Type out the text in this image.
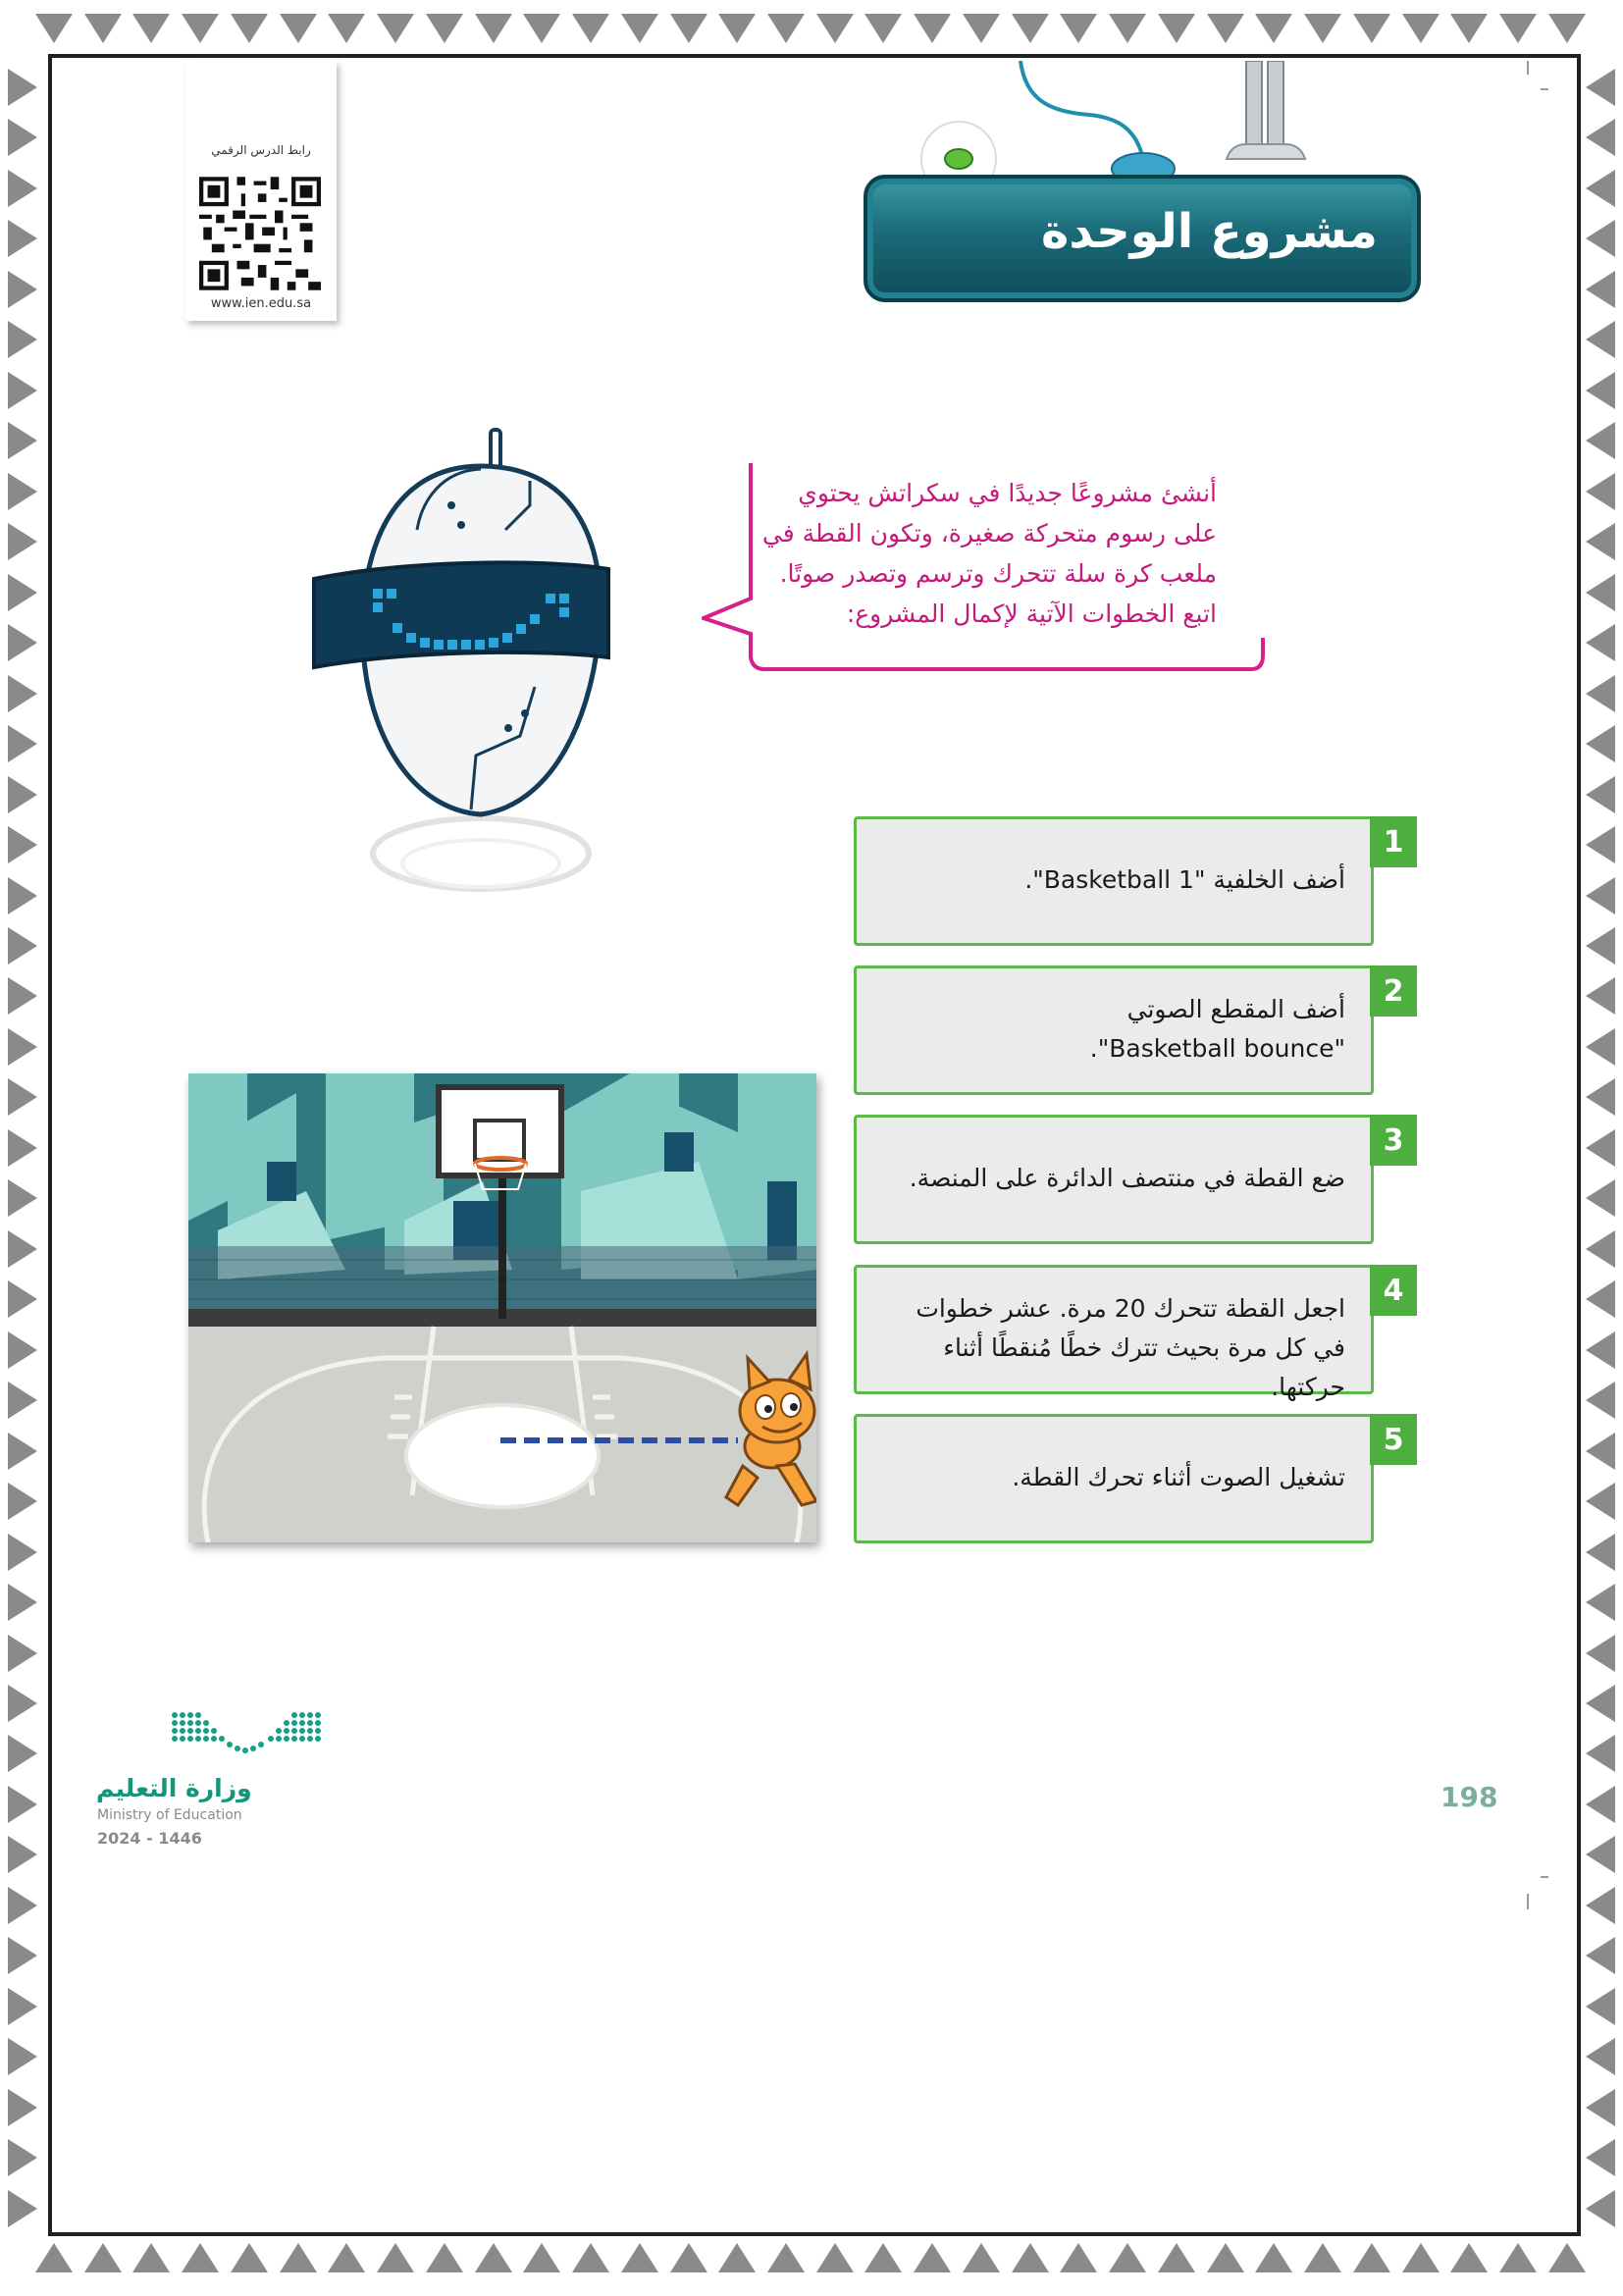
رابط الدرس الرقمي
www.ien.edu.sa
مشروع الوحدة
أنشئ مشروعًا جديدًا في سكراتش يحتوي على رسوم متحركة صغيرة، وتكون القطة في ملعب كرة سلة تتحرك وترسم وتصدر صوتًا. اتبع الخطوات الآتية لإكمال المشروع:
أضف الخلفية "Basketball 1".
1
أضف المقطع الصوتي "Basketball bounce".
2
ضع القطة في منتصف الدائرة على المنصة.
3
اجعل القطة تتحرك 20 مرة. عشر خطوات في كل مرة بحيث تترك خطًا مُنقطًا أثناء حركتها.
4
تشغيل الصوت أثناء تحرك القطة.
5
198
وزارة التعليم
Ministry of Education
2024 - 1446
